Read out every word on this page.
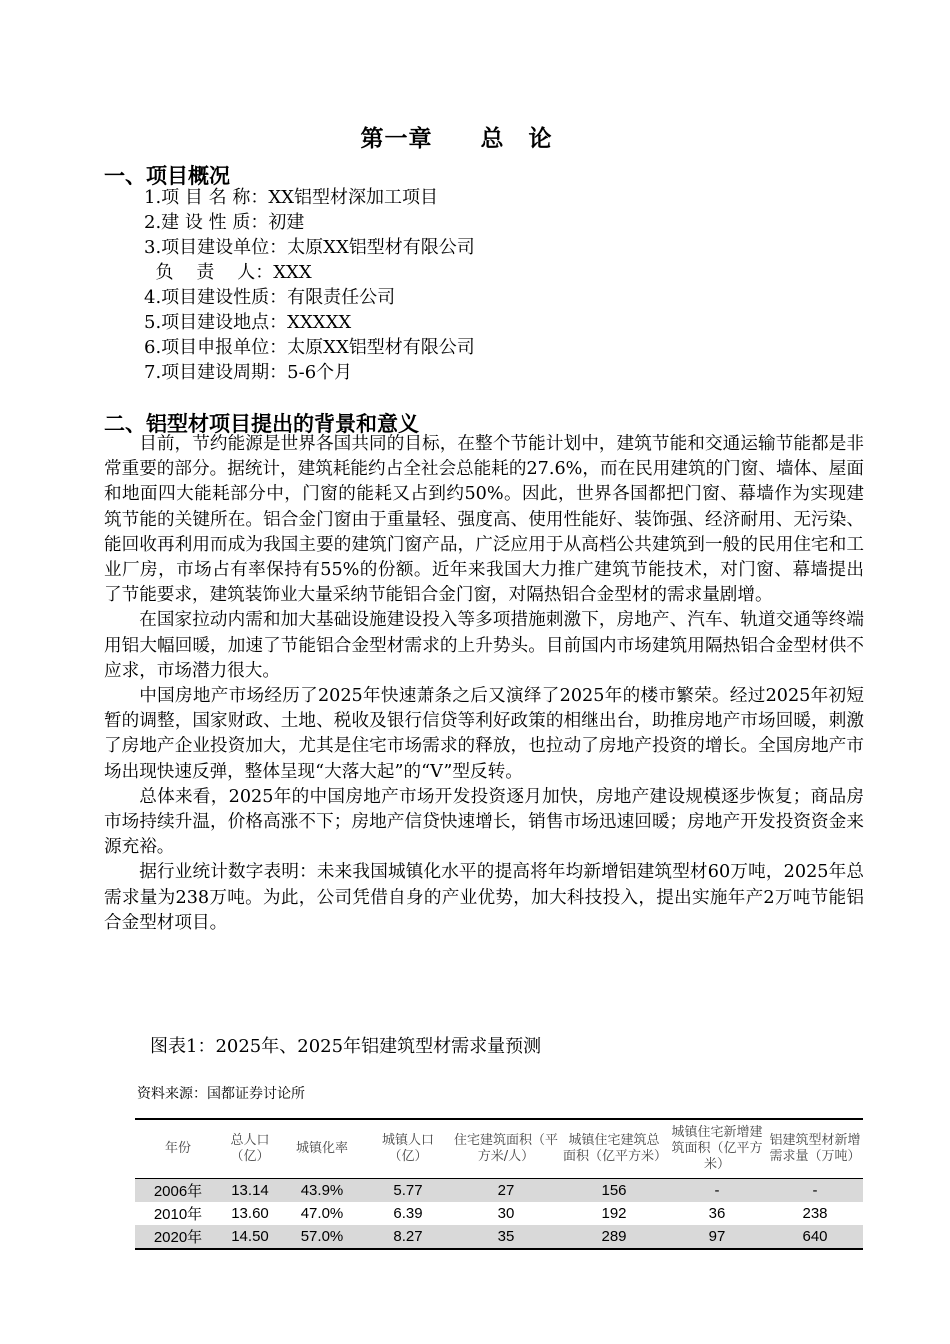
第一章　　总　论
一、项目概况
1.项 目 名 称：XX铝型材深加工项目
2.建 设 性 质：初建
3.项目建设单位：太原XX铝型材有限公司
负    责    人：XXX
4.项目建设性质：有限责任公司
5.项目建设地点：XXXXX
6.项目申报单位：太原XX铝型材有限公司
7.项目建设周期：5-6个月
二、铝型材项目提出的背景和意义

目前，节约能源是世界各国共同的目标，在整个节能计划中，建筑节能和交通运输节能都是非常重要的部分。据统计，建筑耗能约占全社会总能耗的27.6%，而在民用建筑的门窗、墙体、屋面和地面四大能耗部分中，门窗的能耗又占到约50%。因此，世界各国都把门窗、幕墙作为实现建筑节能的关键所在。铝合金门窗由于重量轻、强度高、使用性能好、装饰强、经济耐用、无污染、能回收再利用而成为我国主要的建筑门窗产品，广泛应用于从高档公共建筑到一般的民用住宅和工业厂房，市场占有率保持有55%的份额。近年来我国大力推广建筑节能技术，对门窗、幕墙提出了节能要求，建筑装饰业大量采纳节能铝合金门窗，对隔热铝合金型材的需求量剧增。

在国家拉动内需和加大基础设施建设投入等多项措施刺激下，房地产、汽车、轨道交通等终端用铝大幅回暖，加速了节能铝合金型材需求的上升势头。目前国内市场建筑用隔热铝合金型材供不应求，市场潜力很大。

中国房地产市场经历了2025年快速萧条之后又演绎了2025年的楼市繁荣。经过2025年初短暂的调整，国家财政、土地、税收及银行信贷等利好政策的相继出台，助推房地产市场回暖，刺激了房地产企业投资加大，尤其是住宅市场需求的释放，也拉动了房地产投资的增长。全国房地产市场出现快速反弹，整体呈现“大落大起”的“V”型反转。

总体来看，2025年的中国房地产市场开发投资逐月加快，房地产建设规模逐步恢复；商品房市场持续升温，价格高涨不下；房地产信贷快速增长，销售市场迅速回暖；房地产开发投资资金来源充裕。

据行业统计数字表明：未来我国城镇化水平的提高将年均新增铝建筑型材60万吨，2025年总需求量为238万吨。为此，公司凭借自身的产业优势，加大科技投入，提出实施年产2万吨节能铝合金型材项目。

图表1：2025年、2025年铝建筑型材需求量预测
资料来源：国都证券讨论所
年份	总人口（亿）	城镇化率	城镇人口（亿）	住宅建筑面积（平方米/人）	城镇住宅建筑总面积（亿平方米）	城镇住宅新增建筑面积（亿平方米）	铝建筑型材新增需求量（万吨）
2006年	13.14	43.9%	5.77	27	156	-	-
2010年	13.60	47.0%	6.39	30	192	36	238
2020年	14.50	57.0%	8.27	35	289	97	640
